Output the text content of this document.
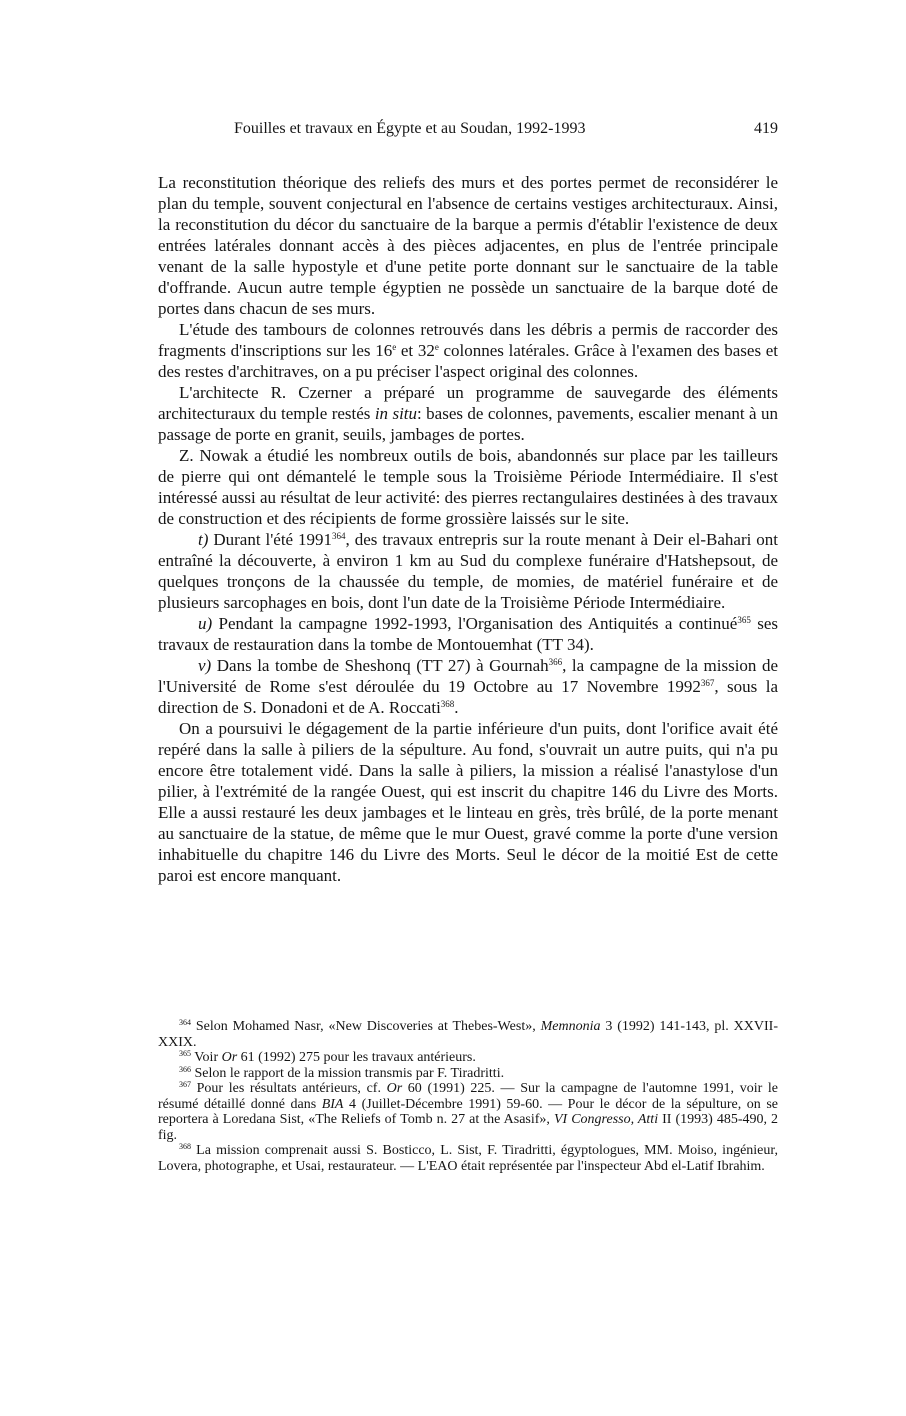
Fouilles et travaux en Égypte et au Soudan, 1992-1993	419

La reconstitution théorique des reliefs des murs et des portes permet de reconsidérer le plan du temple, souvent conjectural en l'absence de certains vestiges architecturaux. Ainsi, la reconstitution du décor du sanctuaire de la barque a permis d'établir l'existence de deux entrées latérales donnant accès à des pièces adjacentes, en plus de l'entrée principale venant de la salle hypostyle et d'une petite porte donnant sur le sanctuaire de la table d'offrande. Aucun autre temple égyptien ne possède un sanctuaire de la barque doté de portes dans chacun de ses murs.

L'étude des tambours de colonnes retrouvés dans les débris a permis de raccorder des fragments d'inscriptions sur les 16e et 32e colonnes latérales. Grâce à l'examen des bases et des restes d'architraves, on a pu préciser l'aspect original des colonnes.

L'architecte R. Czerner a préparé un programme de sauvegarde des éléments architecturaux du temple restés in situ: bases de colonnes, pavements, escalier menant à un passage de porte en granit, seuils, jambages de portes.

Z. Nowak a étudié les nombreux outils de bois, abandonnés sur place par les tailleurs de pierre qui ont démantelé le temple sous la Troisième Période Intermédiaire. Il s'est intéressé aussi au résultat de leur activité: des pierres rectangulaires destinées à des travaux de construction et des récipients de forme grossière laissés sur le site.

t) Durant l'été 1991$^{364}$, des travaux entrepris sur la route menant à Deir el-Bahari ont entraîné la découverte, à environ 1 km au Sud du complexe funéraire d'Hatshepsout, de quelques tronçons de la chaussée du temple, de momies, de matériel funéraire et de plusieurs sarcophages en bois, dont l'un date de la Troisième Période Intermédiaire.

u) Pendant la campagne 1992-1993, l'Organisation des Antiquités a continué$^{365}$ ses travaux de restauration dans la tombe de Montouemhat (TT 34).

v) Dans la tombe de Sheshonq (TT 27) à Gournah$^{366}$, la campagne de la mission de l'Université de Rome s'est déroulée du 19 Octobre au 17 Novembre 1992$^{367}$, sous la direction de S. Donadoni et de A. Roccati$^{368}$.

On a poursuivi le dégagement de la partie inférieure d'un puits, dont l'orifice avait été repéré dans la salle à piliers de la sépulture. Au fond, s'ouvrait un autre puits, qui n'a pu encore être totalement vidé. Dans la salle à piliers, la mission a réalisé l'anastylose d'un pilier, à l'extrémité de la rangée Ouest, qui est inscrit du chapitre 146 du Livre des Morts. Elle a aussi restauré les deux jambages et le linteau en grès, très brûlé, de la porte menant au sanctuaire de la statue, de même que le mur Ouest, gravé comme la porte d'une version inhabituelle du chapitre 146 du Livre des Morts. Seul le décor de la moitié Est de cette paroi est encore manquant.

$^{364}$ Selon Mohamed Nasr, «New Discoveries at Thebes-West», Memnonia 3 (1992) 141-143, pl. XXVII-XXIX.

$^{365}$ Voir Or 61 (1992) 275 pour les travaux antérieurs.

$^{366}$ Selon le rapport de la mission transmis par F. Tiradritti.

$^{367}$ Pour les résultats antérieurs, cf. Or 60 (1991) 225. — Sur la campagne de l'automne 1991, voir le résumé détaillé donné dans BIA 4 (Juillet-Décembre 1991) 59-60. — Pour le décor de la sépulture, on se reportera à Loredana Sist, «The Reliefs of Tomb n. 27 at the Asasif», VI Congresso, Atti II (1993) 485-490, 2 fig.

$^{368}$ La mission comprenait aussi S. Bosticco, L. Sist, F. Tiradritti, égyptologues, MM. Moiso, ingénieur, Lovera, photographe, et Usai, restaurateur. — L'EAO était représentée par l'inspecteur Abd el-Latif Ibrahim.
